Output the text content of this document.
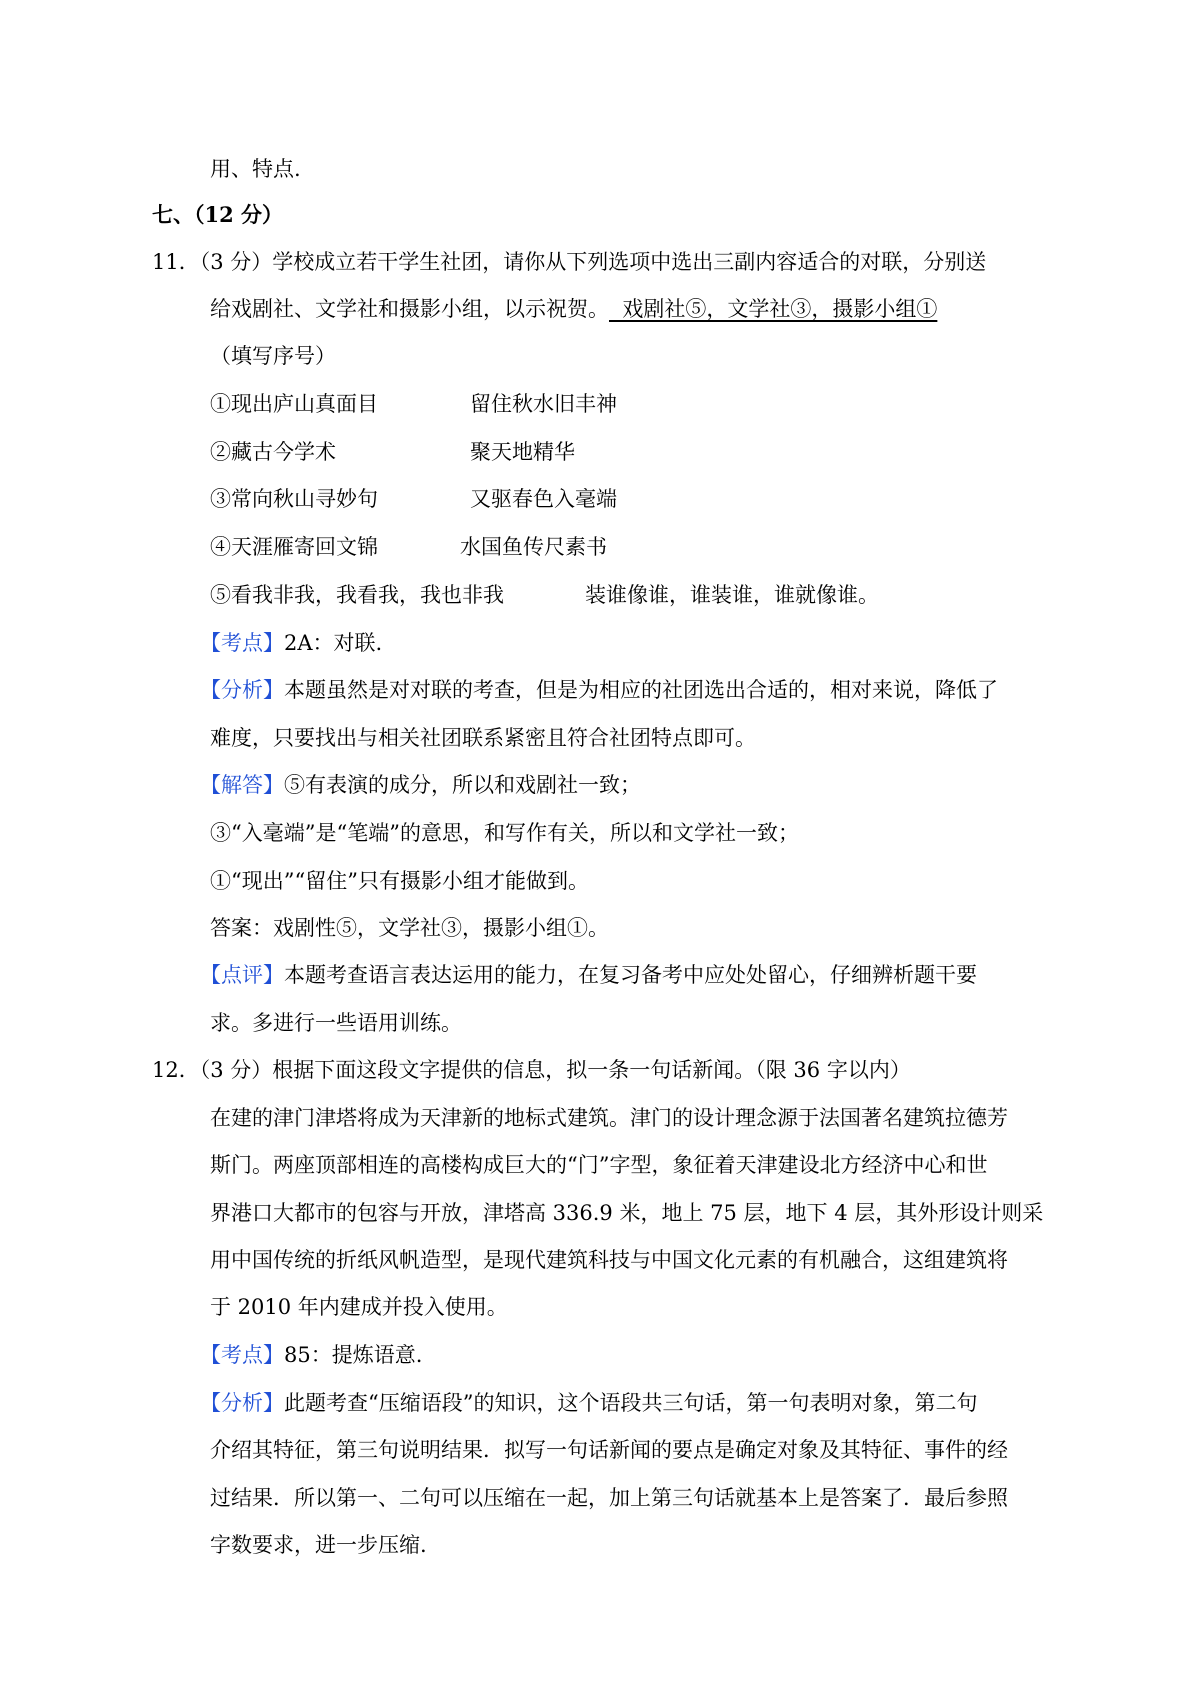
用、特点.
七、（12 分）
11．（3 分）学校成立若干学生社团，请你从下列选项中选出三副内容适合的对联，分别送
给戏剧社、文学社和摄影小组，以示祝贺。  戏剧社⑤，文学社③，摄影小组①
（填写序号）
①现出庐山真面目	留住秋水旧丰神
②藏古今学术	聚天地精华
③常向秋山寻妙句	又驱春色入毫端
④天涯雁寄回文锦	水国鱼传尺素书
⑤看我非我，我看我，我也非我	装谁像谁，谁装谁，谁就像谁。
【考点】2A：对联.
【分析】本题虽然是对对联的考查，但是为相应的社团选出合适的，相对来说，降低了
难度，只要找出与相关社团联系紧密且符合社团特点即可。
【解答】⑤有表演的成分，所以和戏剧社一致；
③“入毫端”是“笔端”的意思，和写作有关，所以和文学社一致；
①“现出”“留住”只有摄影小组才能做到。
答案：戏剧性⑤，文学社③，摄影小组①。
【点评】本题考查语言表达运用的能力，在复习备考中应处处留心，仔细辨析题干要
求。多进行一些语用训练。
12．（3 分）根据下面这段文字提供的信息，拟一条一句话新闻。（限 36 字以内）
在建的津门津塔将成为天津新的地标式建筑。津门的设计理念源于法国著名建筑拉德芳
斯门。两座顶部相连的高楼构成巨大的“门”字型，象征着天津建设北方经济中心和世
界港口大都市的包容与开放，津塔高 336.9 米，地上 75 层，地下 4 层，其外形设计则采
用中国传统的折纸风帆造型，是现代建筑科技与中国文化元素的有机融合，这组建筑将
于 2010 年内建成并投入使用。
【考点】85：提炼语意.
【分析】此题考查“压缩语段”的知识，这个语段共三句话，第一句表明对象，第二句
介绍其特征，第三句说明结果．拟写一句话新闻的要点是确定对象及其特征、事件的经
过结果．所以第一、二句可以压缩在一起，加上第三句话就基本上是答案了．最后参照
字数要求，进一步压缩.
